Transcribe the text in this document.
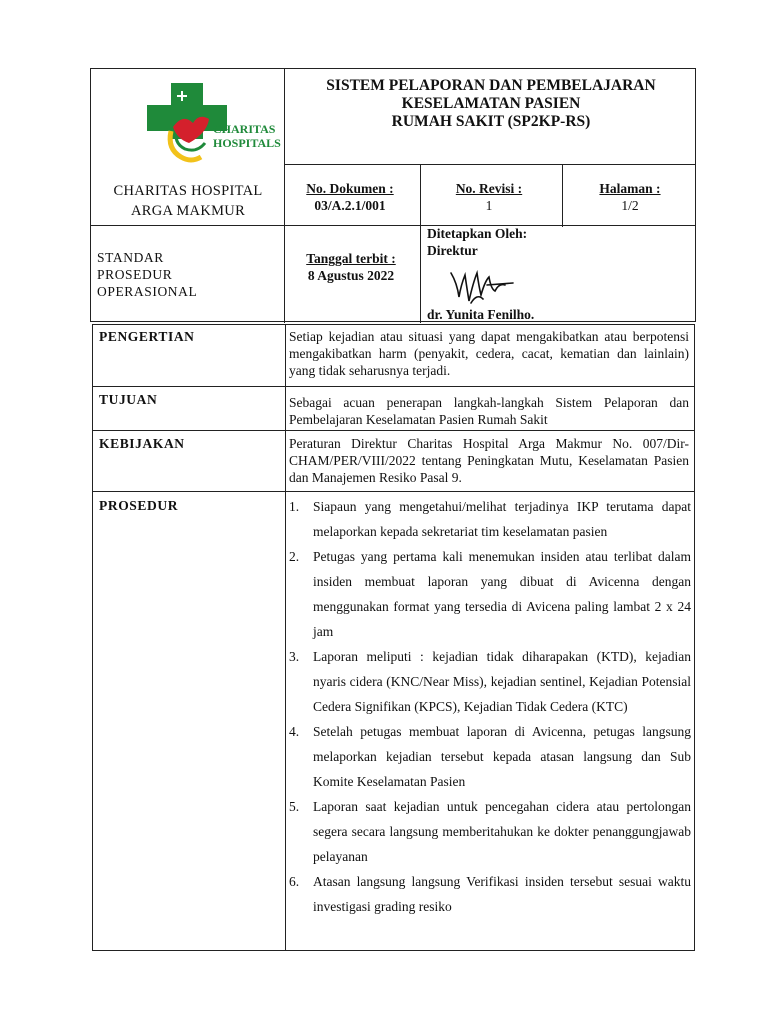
CHARITAS
HOSPITALS
CHARITAS HOSPITAL
ARGA MAKMUR
STANDAR
PROSEDUR
OPERASIONAL
SISTEM PELAPORAN DAN PEMBELAJARAN
KESELAMATAN PASIEN
RUMAH SAKIT (SP2KP-RS)
No. Dokumen :
03/A.2.1/001
No. Revisi :
1
Halaman :
1/2
Tanggal terbit :
8 Agustus 2022
Ditetapkan Oleh:
Direktur
dr. Yunita Fenilho.
PENGERTIAN	Setiap kejadian atau situasi yang dapat mengakibatkan atau berpotensi mengakibatkan harm (penyakit, cedera, cacat, kematian dan lainlain) yang tidak seharusnya terjadi.
TUJUAN	Sebagai acuan penerapan langkah-langkah Sistem Pelaporan dan Pembelajaran Keselamatan Pasien Rumah Sakit
KEBIJAKAN	Peraturan Direktur Charitas Hospital Arga Makmur No. 007/Dir-CHAM/PER/VIII/2022 tentang Peningkatan Mutu, Keselamatan Pasien dan Manajemen Resiko Pasal 9.
PROSEDUR	1. Siapaun yang mengetahui/melihat terjadinya IKP terutama dapat melaporkan kepada sekretariat tim keselamatan pasien
2. Petugas yang pertama kali menemukan insiden atau terlibat dalam insiden membuat laporan yang dibuat di Avicenna dengan menggunakan format yang tersedia di Avicena paling lambat 2 x 24 jam
3. Laporan meliputi : kejadian tidak diharapakan (KTD), kejadian nyaris cidera (KNC/Near Miss), kejadian sentinel, Kejadian Potensial Cedera Signifikan (KPCS), Kejadian Tidak Cedera (KTC)
4. Setelah petugas membuat laporan di Avicenna, petugas langsung melaporkan kejadian tersebut kepada atasan langsung dan Sub Komite Keselamatan Pasien
5. Laporan saat kejadian untuk pencegahan cidera atau pertolongan segera secara langsung memberitahukan ke dokter penanggungjawab pelayanan
6. Atasan langsung langsung Verifikasi insiden tersebut sesuai waktu investigasi grading resiko
